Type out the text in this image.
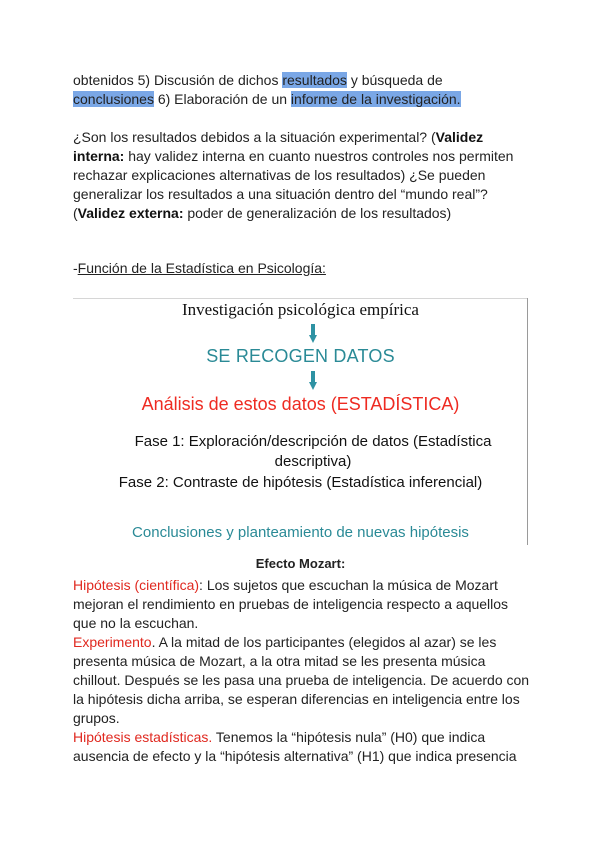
obtenidos 5) Discusión de dichos resultados y búsqueda de
conclusiones 6) Elaboración de un informe de la investigación.
¿Son los resultados debidos a la situación experimental? (Validez interna: hay validez interna en cuanto nuestros controles nos permiten rechazar explicaciones alternativas de los resultados) ¿Se pueden generalizar los resultados a una situación dentro del “mundo real”? (Validez externa: poder de generalización de los resultados)
-Función de la Estadística en Psicología:
Investigación psicológica empírica
SE RECOGEN DATOS
Análisis de estos datos (ESTADÍSTICA)
Fase 1: Exploración/descripción de datos (Estadística descriptiva)
Fase 2: Contraste de hipótesis (Estadística inferencial)
Conclusiones y planteamiento de nuevas hipótesis
Efecto Mozart:
Hipótesis (científica): Los sujetos que escuchan la música de Mozart mejoran el rendimiento en pruebas de inteligencia respecto a aquellos que no la escuchan.
Experimento. A la mitad de los participantes (elegidos al azar) se les presenta música de Mozart, a la otra mitad se les presenta música chillout. Después se les pasa una prueba de inteligencia. De acuerdo con la hipótesis dicha arriba, se esperan diferencias en inteligencia entre los grupos.
Hipótesis estadísticas. Tenemos la “hipótesis nula” (H0) que indica ausencia de efecto y la “hipótesis alternativa” (H1) que indica presencia
